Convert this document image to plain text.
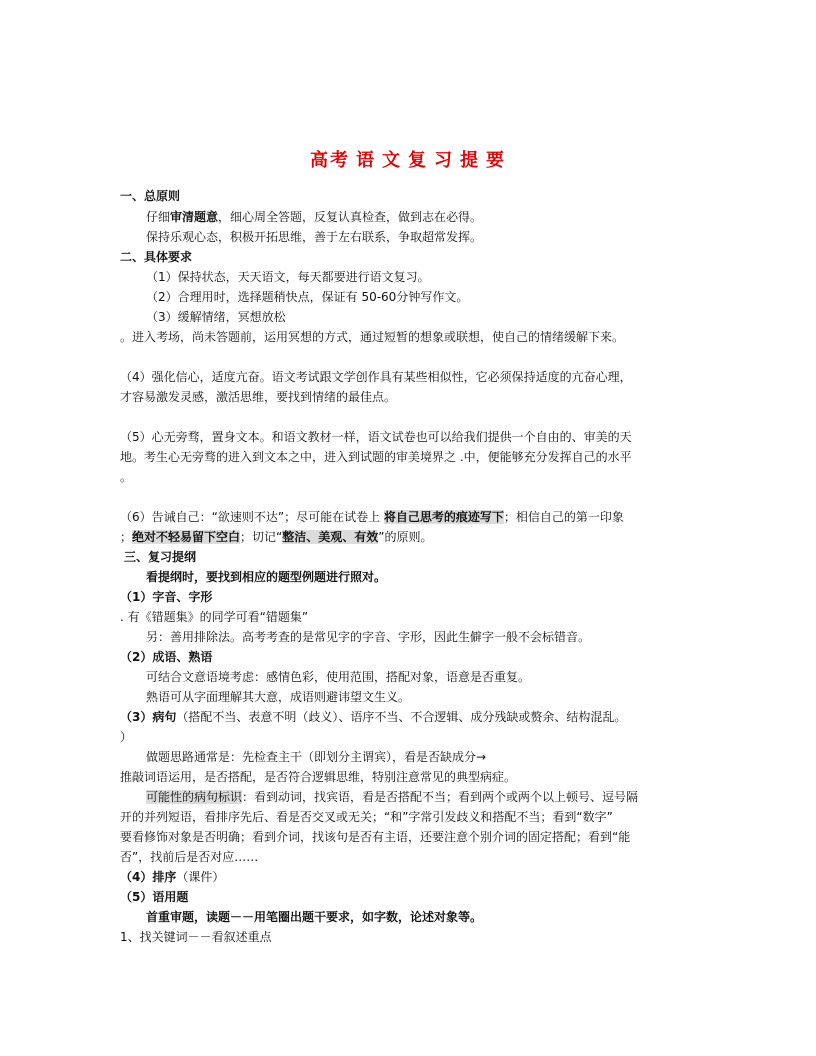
高考 语 文 复 习 提 要
一、总原则
仔细审清题意，细心周全答题，反复认真检查，做到志在必得。
保持乐观心态，积极开拓思维，善于左右联系，争取超常发挥。
二、具体要求
（1）保持状态，天天语文，每天都要进行语文复习。
（2）合理用时，选择题稍快点，保证有 50-60分钟写作文。
（3）缓解情绪，冥想放松
。进入考场，尚未答题前，运用冥想的方式，通过短暂的想象或联想，使自己的情绪缓解下来。
（4）强化信心，适度亢奋。语文考试跟文学创作具有某些相似性，它必须保持适度的亢奋心理，
才容易激发灵感，激活思维，要找到情绪的最佳点。
（5）心无旁骛，置身文本。和语文教材一样，语文试卷也可以给我们提供一个自由的、审美的天
地。考生心无旁骛的进入到文本之中，进入到试题的审美境界之 .中，便能够充分发挥自己的水平
。
（6）告诫自己：“欲速则不达”；尽可能在试卷上 将自己思考的痕迹写下；相信自己的第一印象
；绝对不轻易留下空白；切记“整洁、美观、有效”的原则。
三、复习提纲
看提纲时，要找到相应的题型例题进行照对。
（1）字音、字形
. 有《错题集》的同学可看“错题集”
另：善用排除法。高考考查的是常见字的字音、字形，因此生僻字一般不会标错音。
（2）成语、熟语
可结合文意语境考虑：感情色彩，使用范围，搭配对象，语意是否重复。
熟语可从字面理解其大意，成语则避讳望文生义。
（3）病句（搭配不当、表意不明（歧义）、语序不当、不合逻辑、成分残缺或赘余、结构混乱。
）
做题思路通常是：先检查主干（即划分主谓宾），看是否缺成分→
推敲词语运用，是否搭配，是否符合逻辑思维，特别注意常见的典型病症。
可能性的病句标识：看到动词，找宾语，看是否搭配不当；看到两个或两个以上顿号、逗号隔
开的并列短语，看排序先后、看是否交叉或无关；“和”字常引发歧义和搭配不当；看到“数字”
要看修饰对象是否明确；看到介词，找该句是否有主语，还要注意个别介词的固定搭配；看到“能
否”，找前后是否对应……
（4）排序（课件）
（5）语用题
首重审题，读题－－用笔圈出题干要求，如字数，论述对象等。
1、找关键词－－看叙述重点
